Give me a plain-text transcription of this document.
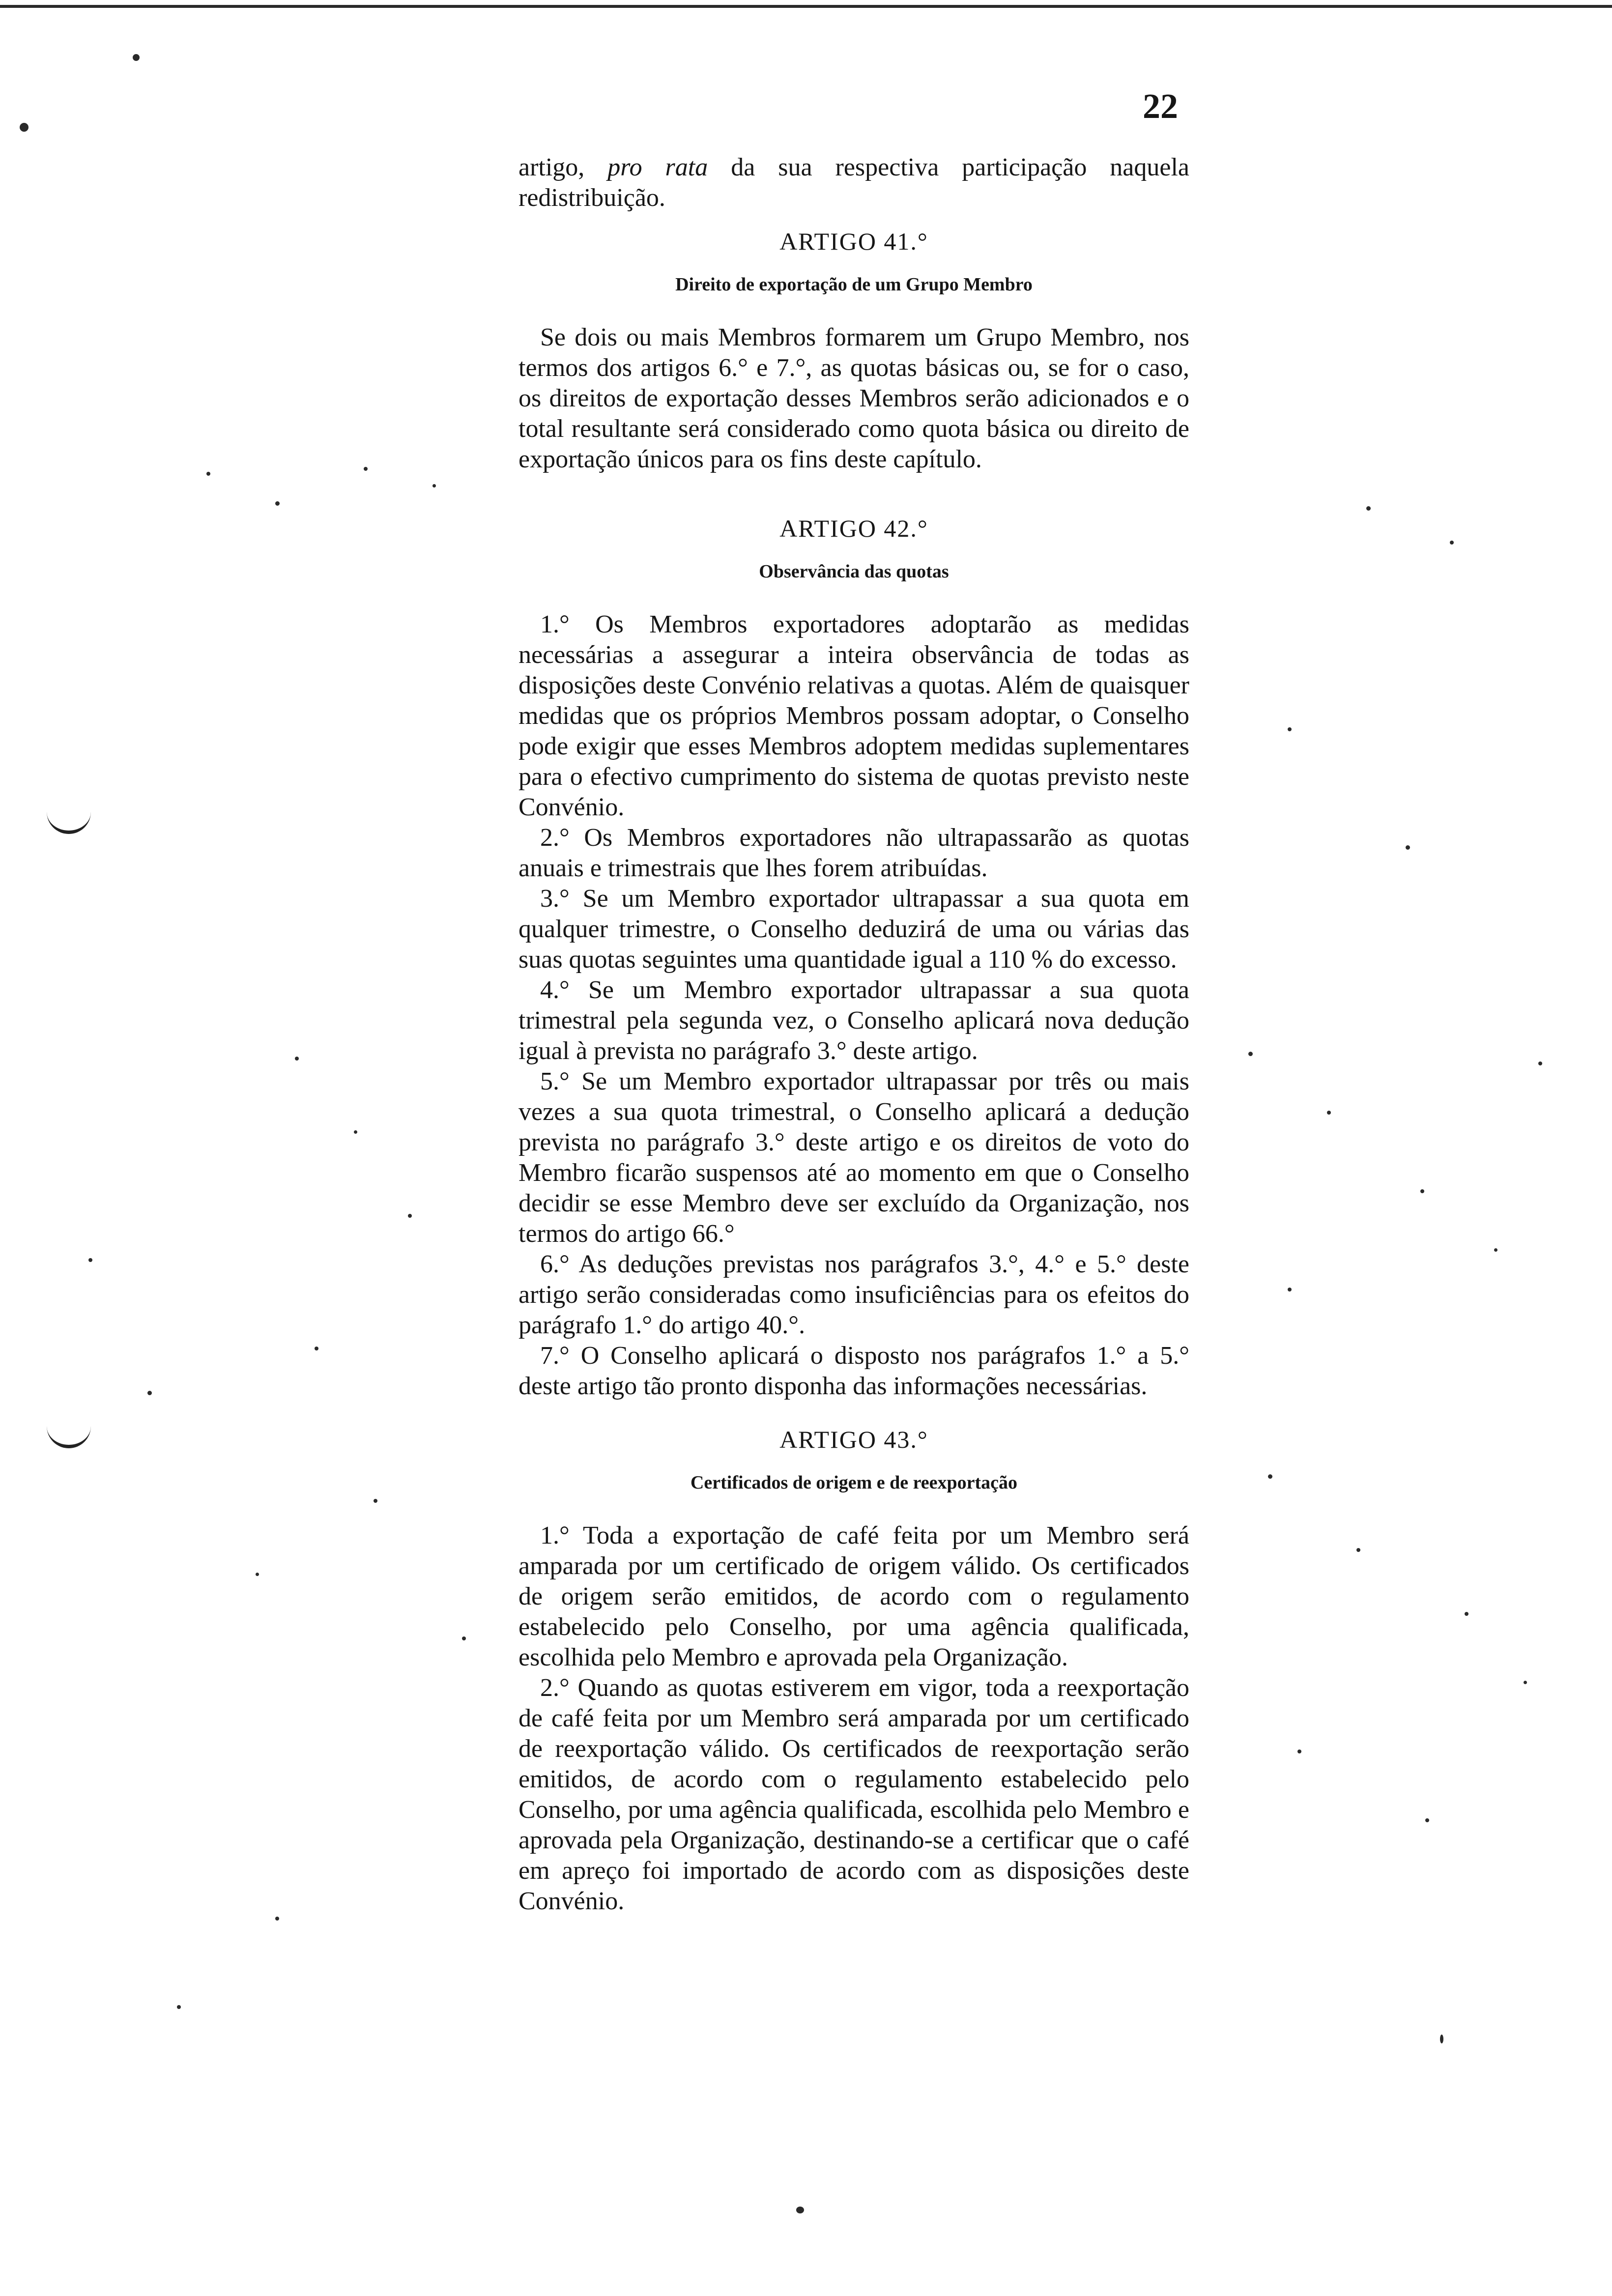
22

artigo, pro rata da sua respectiva participação naquela redistribuição.

ARTIGO 41.°
Direito de exportação de um Grupo Membro

Se dois ou mais Membros formarem um Grupo Membro, nos termos dos artigos 6.° e 7.°, as quotas básicas ou, se for o caso, os direitos de exportação desses Membros serão adicionados e o total resultante será considerado como quota básica ou direito de exportação únicos para os fins deste capítulo.

ARTIGO 42.°
Observância das quotas

1.° Os Membros exportadores adoptarão as medidas necessárias a assegurar a inteira observância de todas as disposições deste Convénio relativas a quotas. Além de quaisquer medidas que os próprios Membros possam adoptar, o Conselho pode exigir que esses Membros adoptem medidas suplementares para o efectivo cumprimento do sistema de quotas previsto neste Convénio.

2.° Os Membros exportadores não ultrapassarão as quotas anuais e trimestrais que lhes forem atribuídas.

3.° Se um Membro exportador ultrapassar a sua quota em qualquer trimestre, o Conselho deduzirá de uma ou várias das suas quotas seguintes uma quantidade igual a 110 % do excesso.

4.° Se um Membro exportador ultrapassar a sua quota trimestral pela segunda vez, o Conselho aplicará nova dedução igual à prevista no parágrafo 3.° deste artigo.

5.° Se um Membro exportador ultrapassar por três ou mais vezes a sua quota trimestral, o Conselho aplicará a dedução prevista no parágrafo 3.° deste artigo e os direitos de voto do Membro ficarão suspensos até ao momento em que o Conselho decidir se esse Membro deve ser excluído da Organização, nos termos do artigo 66.°

6.° As deduções previstas nos parágrafos 3.°, 4.° e 5.° deste artigo serão consideradas como insuficiências para os efeitos do parágrafo 1.° do artigo 40.°.

7.° O Conselho aplicará o disposto nos parágrafos 1.° a 5.° deste artigo tão pronto disponha das informações necessárias.

ARTIGO 43.°
Certificados de origem e de reexportação

1.° Toda a exportação de café feita por um Membro será amparada por um certificado de origem válido. Os certificados de origem serão emitidos, de acordo com o regulamento estabelecido pelo Conselho, por uma agência qualificada, escolhida pelo Membro e aprovada pela Organização.

2.° Quando as quotas estiverem em vigor, toda a reexportação de café feita por um Membro será amparada por um certificado de reexportação válido. Os certificados de reexportação serão emitidos, de acordo com o regulamento estabelecido pelo Conselho, por uma agência qualificada, escolhida pelo Membro e aprovada pela Organização, destinando-se a certificar que o café em apreço foi importado de acordo com as disposições deste Convénio.
